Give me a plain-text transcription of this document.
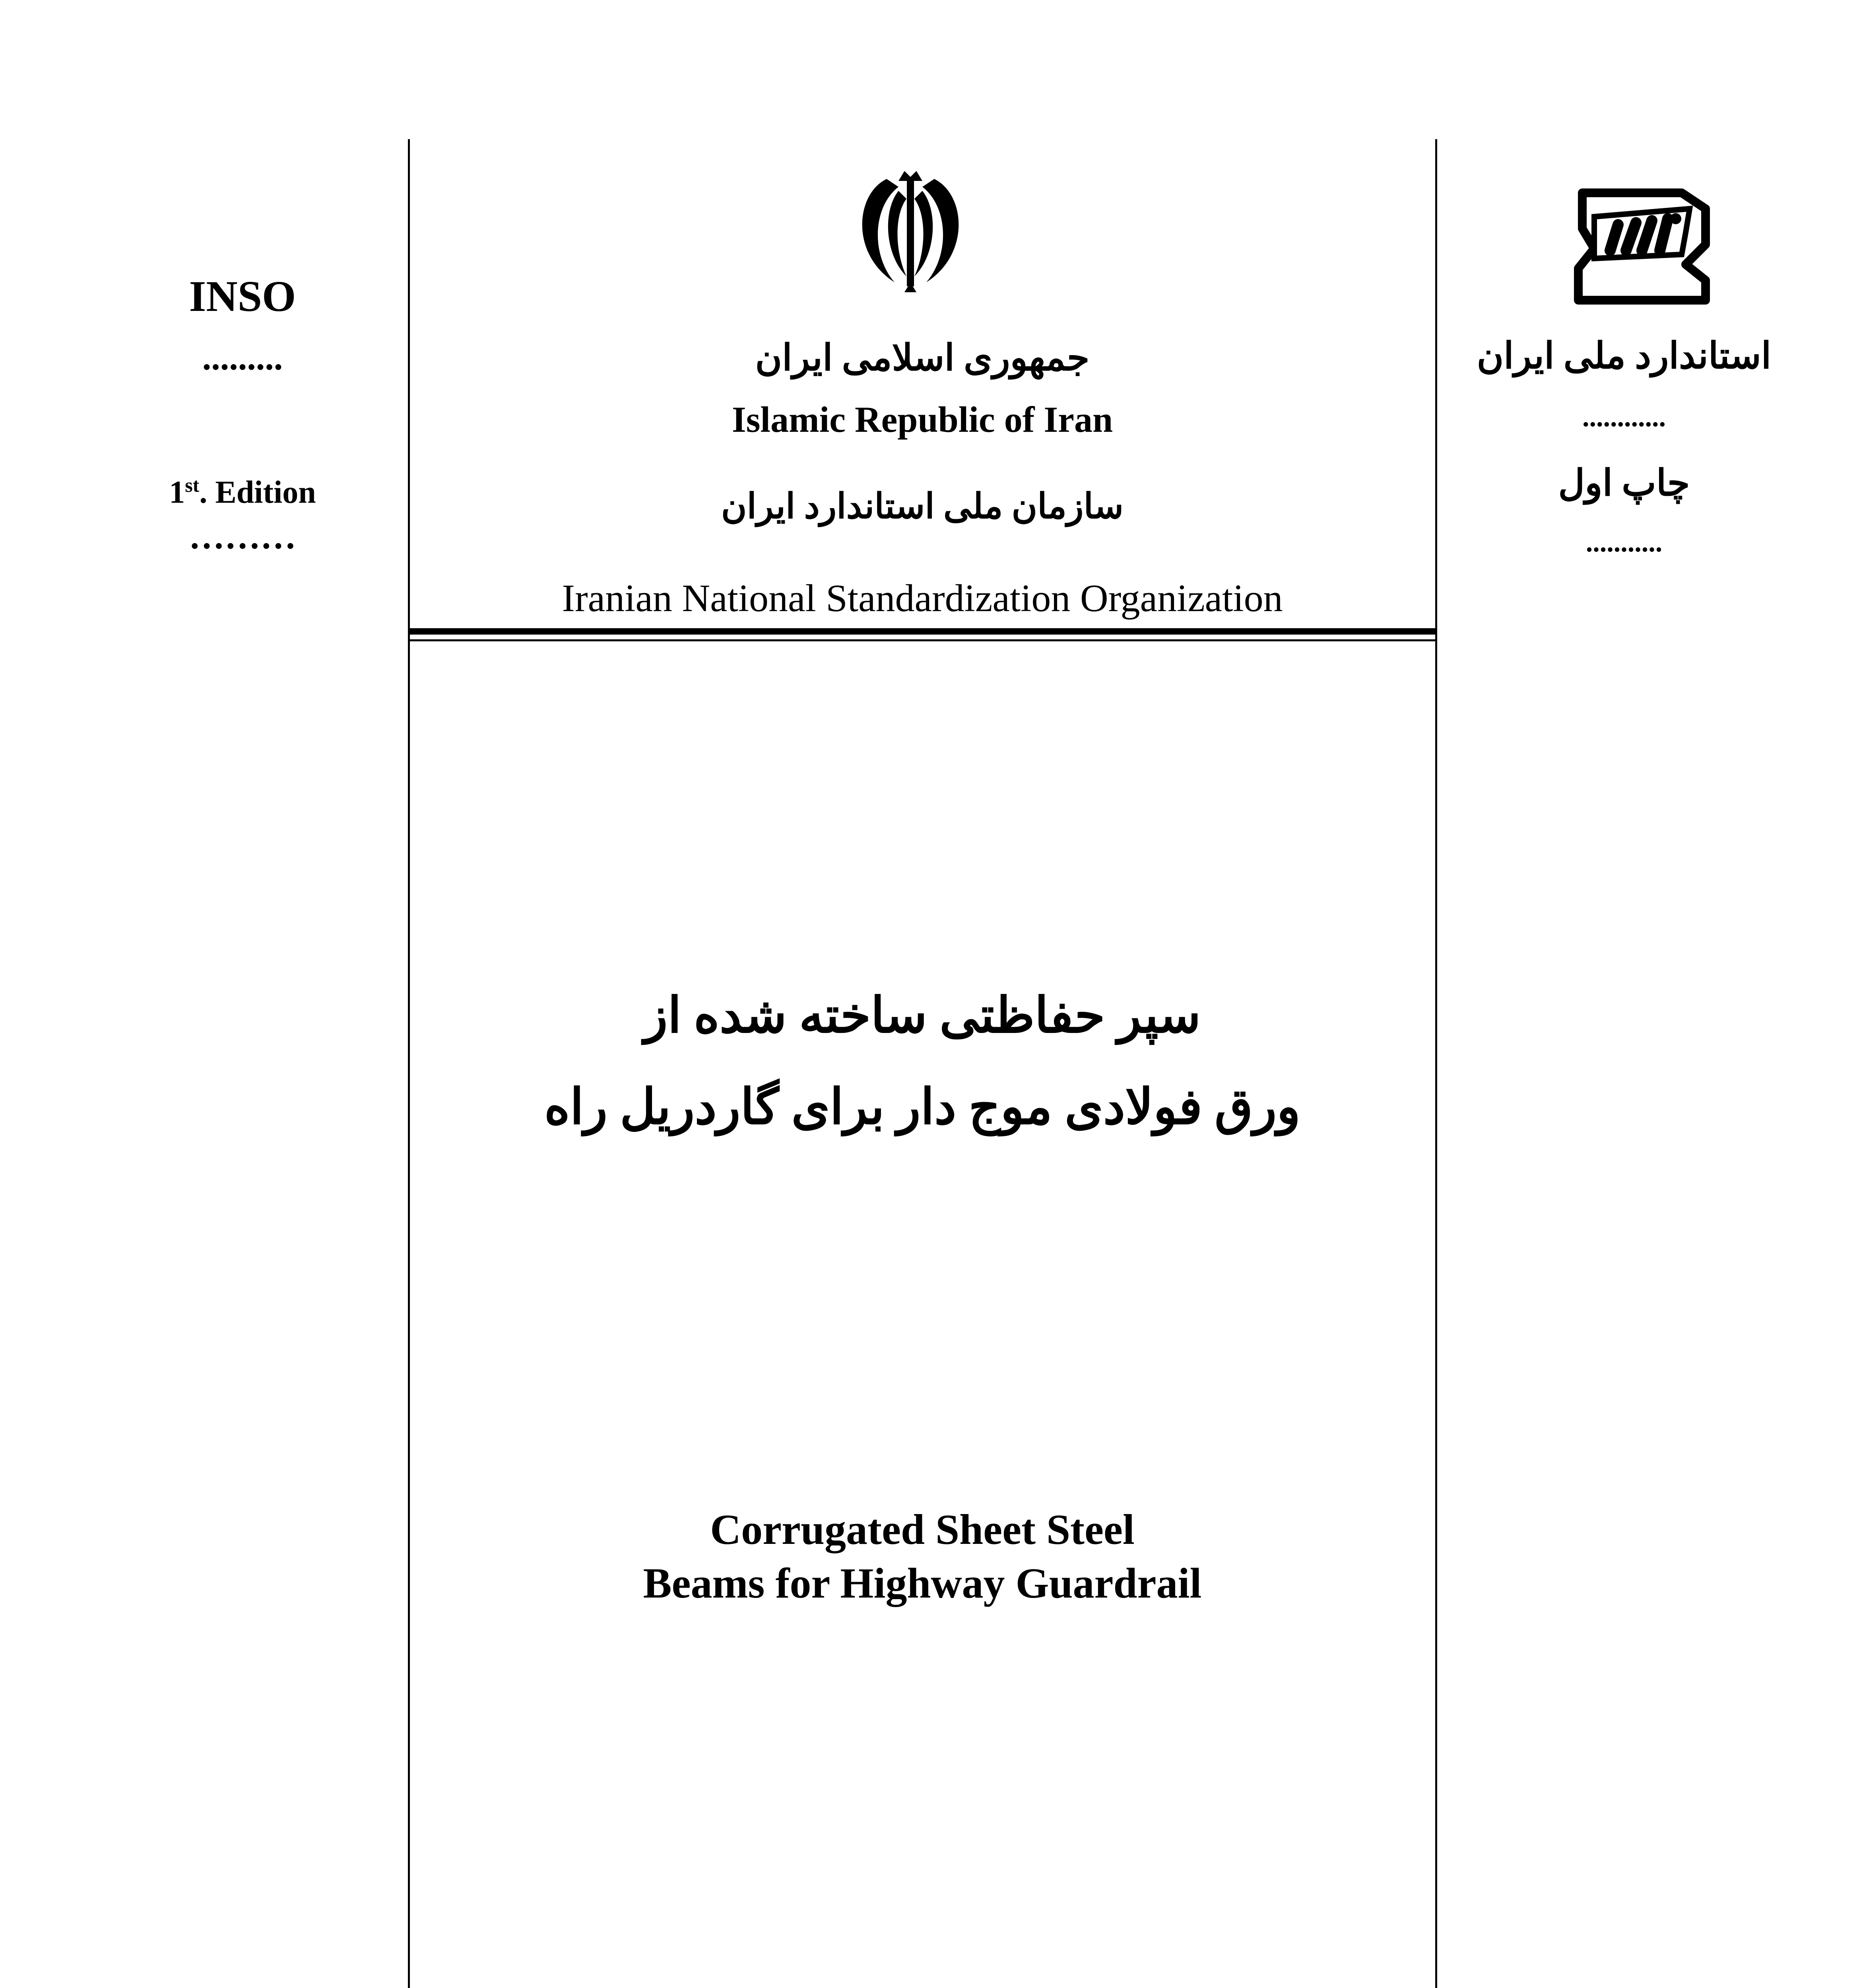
INSO
.........
1st. Edition
………
استاندارد ملی ایران
............
چاپ اول
...........
جمهوری اسلامی ایران
Islamic Republic of Iran
سازمان ملی استاندارد ایران
Iranian National Standardization Organization
سپر حفاظتی ساخته شده از
ورق فولادی موج دار برای گاردریل راه
Corrugated Sheet Steel
Beams for Highway Guardrail
